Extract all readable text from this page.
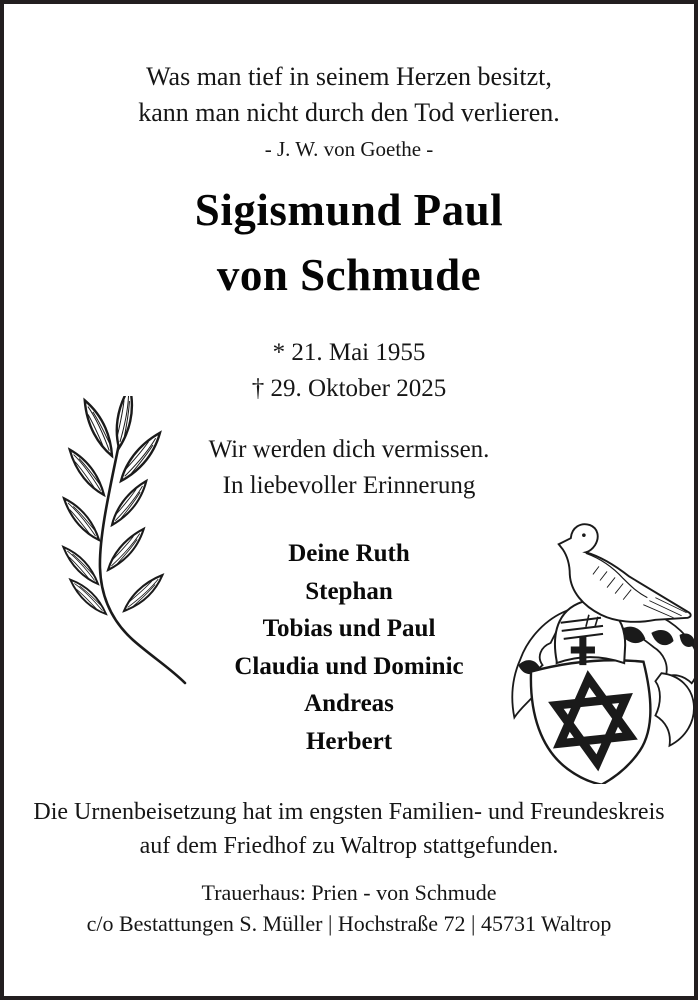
Was man tief in seinem Herzen besitzt,
kann man nicht durch den Tod verlieren.
- J. W. von Goethe -
Sigismund Paul
von Schmude
* 21. Mai 1955
† 29. Oktober 2025
Wir werden dich vermissen.
In liebevoller Erinnerung
Deine Ruth
Stephan
Tobias und Paul
Claudia und Dominic
Andreas
Herbert
Die Urnenbeisetzung hat im engsten Familien- und Freundeskreis
auf dem Friedhof zu Waltrop stattgefunden.
Trauerhaus: Prien - von Schmude
c/o Bestattungen S. Müller | Hochstraße 72 | 45731 Waltrop
